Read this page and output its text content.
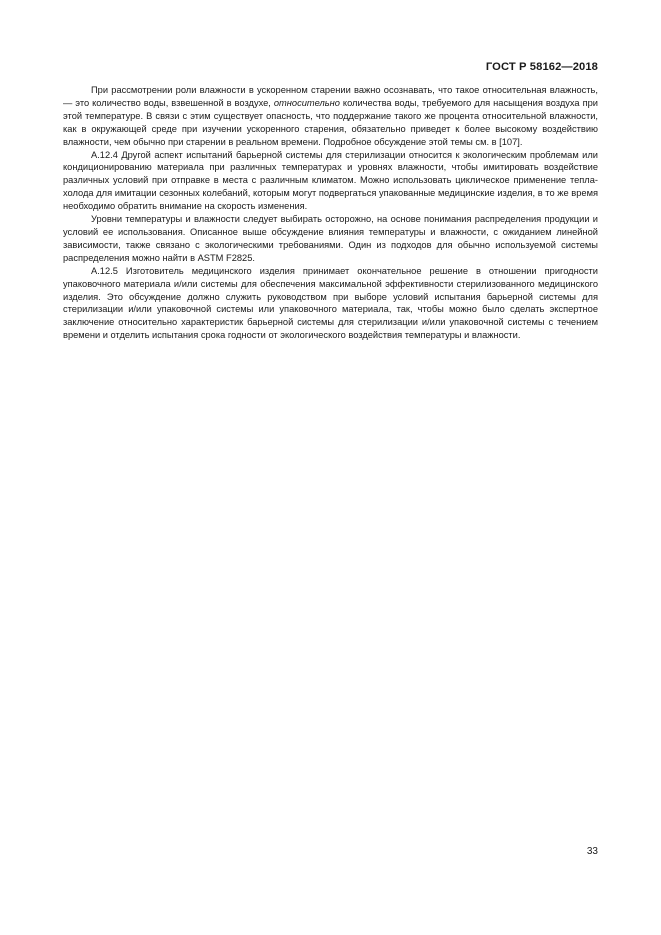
ГОСТ Р 58162—2018

При рассмотрении роли влажности в ускоренном старении важно осознавать, что такое относительная влажность, — это количество воды, взвешенной в воздухе, относительно количества воды, требуемого для насыщения воздуха при этой температуре. В связи с этим существует опасность, что поддержание такого же процента относительной влажности, как в окружающей среде при изучении ускоренного старения, обязательно приведет к более высокому воздействию влажности, чем обычно при старении в реальном времени. Подробное обсуждение этой темы см. в [107].

А.12.4 Другой аспект испытаний барьерной системы для стерилизации относится к экологическим проблемам или кондиционированию материала при различных температурах и уровнях влажности, чтобы имитировать воздействие различных условий при отправке в места с различным климатом. Можно использовать циклическое применение тепла-холода для имитации сезонных колебаний, которым могут подвергаться упакованные медицинские изделия, в то же время необходимо обратить внимание на скорость изменения.

Уровни температуры и влажности следует выбирать осторожно, на основе понимания распределения продукции и условий ее использования. Описанное выше обсуждение влияния температуры и влажности, с ожиданием линейной зависимости, также связано с экологическими требованиями. Один из подходов для обычно используемой системы распределения можно найти в ASTM F2825.

А.12.5 Изготовитель медицинского изделия принимает окончательное решение в отношении пригодности упаковочного материала и/или системы для обеспечения максимальной эффективности стерилизованного медицинского изделия. Это обсуждение должно служить руководством при выборе условий испытания барьерной системы для стерилизации и/или упаковочной системы или упаковочного материала, так, чтобы можно было сделать экспертное заключение относительно характеристик барьерной системы для стерилизации и/или упаковочной системы с течением времени и отделить испытания срока годности от экологического воздействия температуры и влажности.

33
